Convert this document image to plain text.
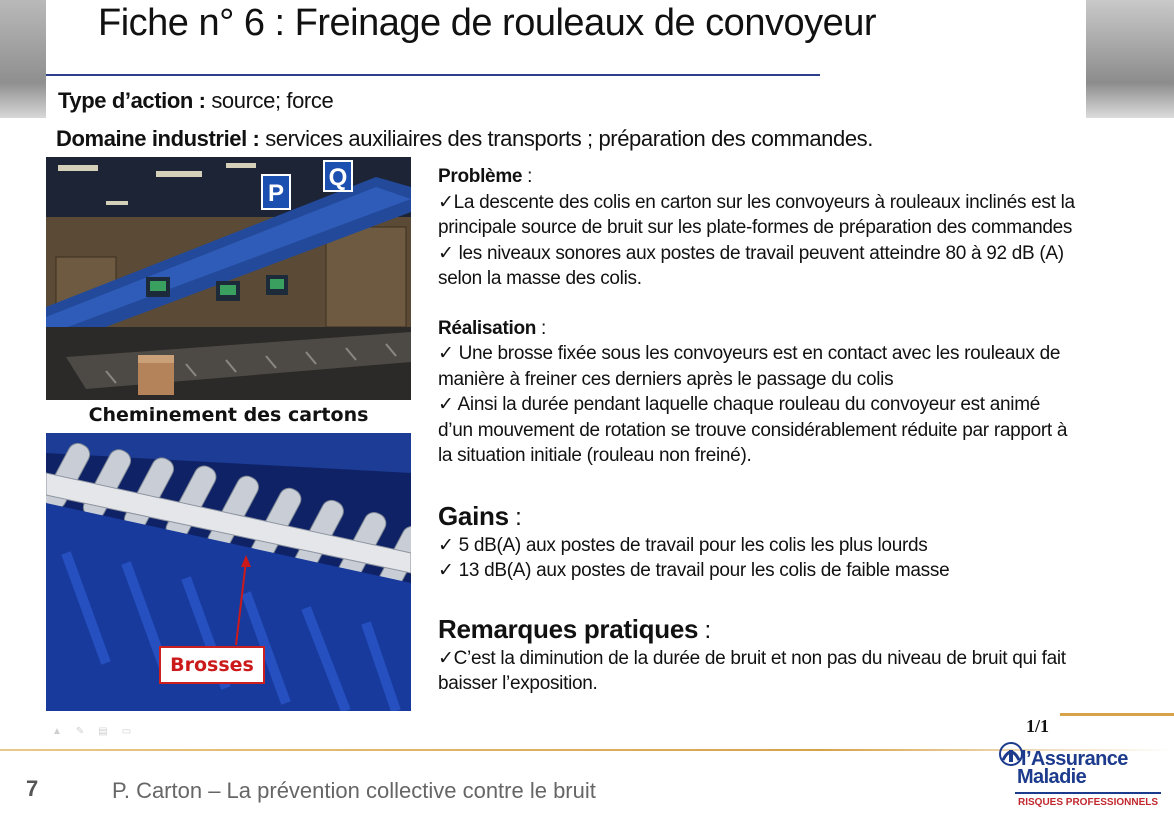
Fiche n° 6 : Freinage de rouleaux de convoyeur
Type d’action : source; force
Domaine industriel : services auxiliaires des transports ; préparation des commandes.
P
Q
Cheminement des cartons
Brosses

Problème :

✓La descente des colis en carton sur les convoyeurs à rouleaux inclinés est la principale source de bruit sur les plate-formes de préparation des commandes

✓ les niveaux sonores aux postes de travail peuvent atteindre 80 à 92 dB (A) selon la masse des colis.

Réalisation :

✓ Une brosse fixée sous les convoyeurs est en contact avec les rouleaux de manière à freiner ces derniers après le passage du colis

✓ Ainsi la durée pendant laquelle chaque rouleau du convoyeur est animé d’un mouvement de rotation se trouve considérablement réduite par rapport à la situation initiale (rouleau non freiné).

Gains :

✓ 5 dB(A) aux postes de travail pour les colis les plus lourds

✓ 13 dB(A) aux postes de travail pour les colis de faible masse

Remarques pratiques :

✓C’est la diminution de la durée de bruit et non pas du niveau de bruit qui fait baisser l’exposition.

▲✎▤▭	1/1
7	P. Carton – La prévention collective contre le bruit
l’Assurance
Maladie
RISQUES PROFESSIONNELS
